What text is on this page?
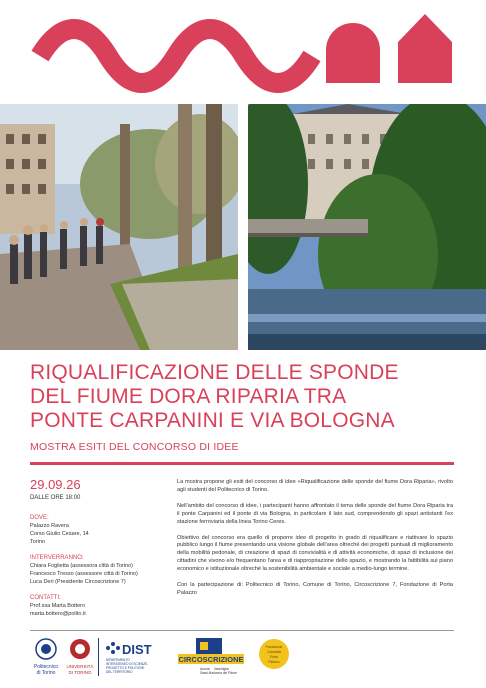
RIQUALIFICAZIONE DELLE SPONDE
DEL FIUME DORA RIPARIA TRA
PONTE CARPANINI E VIA BOLOGNA

MOSTRA ESITI DEL CONCORSO DI IDEE

29.09.26

DALLE ORE 18:00

DOVE:

Palazzo Ravera

Corso Giulio Cesare, 14

Torino

INTERVERRANNO:

Chiara Foglietta (assessora città di Torino)

Francesco Tresso (assessore città di Torino)

Luca Deri (Presidente Circoscrizione 7)

CONTATTI:

Prof.ssa Marta Bottero

marta.bottero@polito.it

La mostra propone gli esiti del concorso di idee «Riqualificazione delle sponde del fiume Dora Riparia», rivolto agli studenti del Politecnico di Torino.

Nell'ambito del concorso di idee, i partecipanti hanno affrontato il tema delle sponde del fiume Dora Riparia tra il ponte Carpanini ed il ponte di via Bologna, in particolare il lato sud, comprendendo gli spazi antistanti l'ex stazione ferroviaria della linea Torino Ceres.

Obiettivo del concorso era quello di proporre idee di progetto in grado di riqualificare e riattivare lo spazio pubblico lungo il fiume presentando una visione globale dell'area oltreché dei progetti puntuali di miglioramento della mobilità pedonale, di creazione di spazi di convivialità e di attività economiche, di spazi di inclusione dei cittadini che vivono e/o frequentano l'area e di riappropriazione dello spazio, e mostrando la fattibilità sul piano economico e istituzionale oltreché la sostenibilità ambientale e sociale a medio-lungo termine.

Con la partecipazione di: Politecnico di Torino, Comune di Torino, Circoscrizione 7, Fondazione di Porta Palazzo

Politecnico
di Torino
UNIVERSITÀ
DI TORINO
DIST
DIPARTIMENTO
INTERATENEO DI SCIENZE,
PROGETTO E POLITICHE
DEL TERRITORIO
CIRCOSCRIZIONE
Aurora Vanchiglia
Sassi Madonna del Pilone
Fondazione
Comunità
Porta
Palazzo
